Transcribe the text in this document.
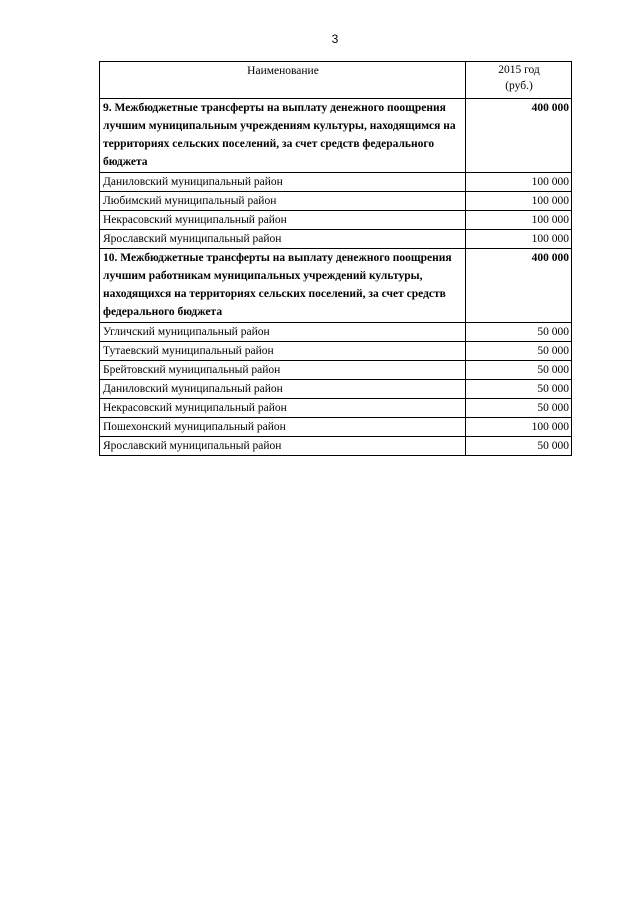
3
Наименование	2015 год
(руб.)

9. Межбюджетные трансферты на выплату денежного поощрения лучшим муниципальным учреждениям культуры, находящимся на территориях сельских поселений, за счет средств федерального бюджета	400 000
Даниловский муниципальный район	100 000
Любимский муниципальный район	100 000
Некрасовский муниципальный район	100 000
Ярославский муниципальный район	100 000
10. Межбюджетные трансферты на выплату денежного поощрения лучшим работникам муниципальных учреждений культуры, находящихся на территориях сельских поселений, за счет средств федерального бюджета	400 000
Угличский муниципальный район	50 000
Тутаевский муниципальный район	50 000
Брейтовский муниципальный район	50 000
Даниловский муниципальный район	50 000
Некрасовский муниципальный район	50 000
Пошехонский муниципальный район	100 000
Ярославский муниципальный район	50 000
